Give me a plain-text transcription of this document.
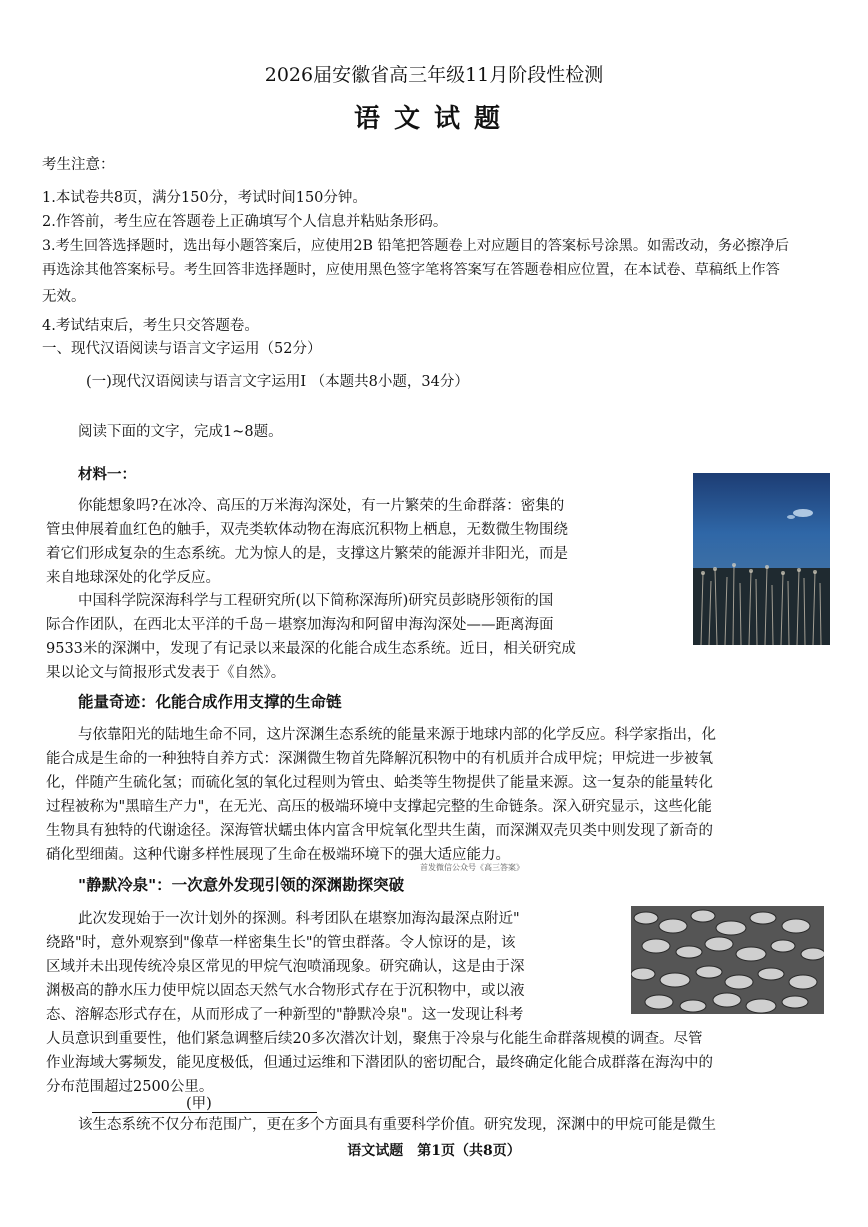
2026届安徽省高三年级11月阶段性检测
语文试题
考生注意：
1.本试卷共8页，满分150分，考试时间150分钟。
2.作答前，考生应在答题卷上正确填写个人信息并粘贴条形码。
3.考生回答选择题时，选出每小题答案后，应使用2B 铅笔把答题卷上对应题目的答案标号涂黑。如需改动，务必擦净后
再选涂其他答案标号。考生回答非选择题时，应使用黑色签字笔将答案写在答题卷相应位置，在本试卷、草稿纸上作答
无效。
4.考试结束后，考生只交答题卷。
一、现代汉语阅读与语言文字运用（52分）
(一)现代汉语阅读与语言文字运用Ⅰ （本题共8小题，34分）
阅读下面的文字，完成1~8题。
材料一：
你能想象吗?在冰冷、高压的万米海沟深处，有一片繁荣的生命群落：密集的
管虫伸展着血红色的触手，双壳类软体动物在海底沉积物上栖息，无数微生物围绕
着它们形成复杂的生态系统。尤为惊人的是，支撑这片繁荣的能源并非阳光，而是
来自地球深处的化学反应。
中国科学院深海科学与工程研究所(以下简称深海所)研究员彭晓彤领衔的国
际合作团队，在西北太平洋的千岛－堪察加海沟和阿留申海沟深处——距离海面
9533米的深渊中，发现了有记录以来最深的化能合成生态系统。近日，相关研究成
果以论文与简报形式发表于《自然》。
能量奇迹：化能合成作用支撑的生命链
与依靠阳光的陆地生命不同，这片深渊生态系统的能量来源于地球内部的化学反应。科学家指出，化
能合成是生命的一种独特自养方式：深渊微生物首先降解沉积物中的有机质并合成甲烷；甲烷进一步被氧
化，伴随产生硫化氢；而硫化氢的氧化过程则为管虫、蛤类等生物提供了能量来源。这一复杂的能量转化
过程被称为"黑暗生产力"，在无光、高压的极端环境中支撑起完整的生命链条。深入研究显示，这些化能
生物具有独特的代谢途径。深海管状蠕虫体内富含甲烷氧化型共生菌，而深渊双壳贝类中则发现了新奇的
硝化型细菌。这种代谢多样性展现了生命在极端环境下的强大适应能力。
首发微信公众号《高三答案》
"静默冷泉"：一次意外发现引领的深渊勘探突破
此次发现始于一次计划外的探测。科考团队在堪察加海沟最深点附近"
绕路"时，意外观察到"像草一样密集生长"的管虫群落。令人惊讶的是，该
区域并未出现传统冷泉区常见的甲烷气泡喷涌现象。研究确认，这是由于深
渊极高的静水压力使甲烷以固态天然气水合物形式存在于沉积物中，或以液
态、溶解态形式存在，从而形成了一种新型的"静默冷泉"。这一发现让科考
人员意识到重要性，他们紧急调整后续20多次潜次计划，聚焦于冷泉与化能生命群落规模的调查。尽管
作业海域大雾频发，能见度极低，但通过运维和下潜团队的密切配合，最终确定化能合成群落在海沟中的
分布范围超过2500公里。
(甲)
该生态系统不仅分布范围广，更在多个方面具有重要科学价值。研究发现，深渊中的甲烷可能是微生
语文试题　第1页（共8页）
